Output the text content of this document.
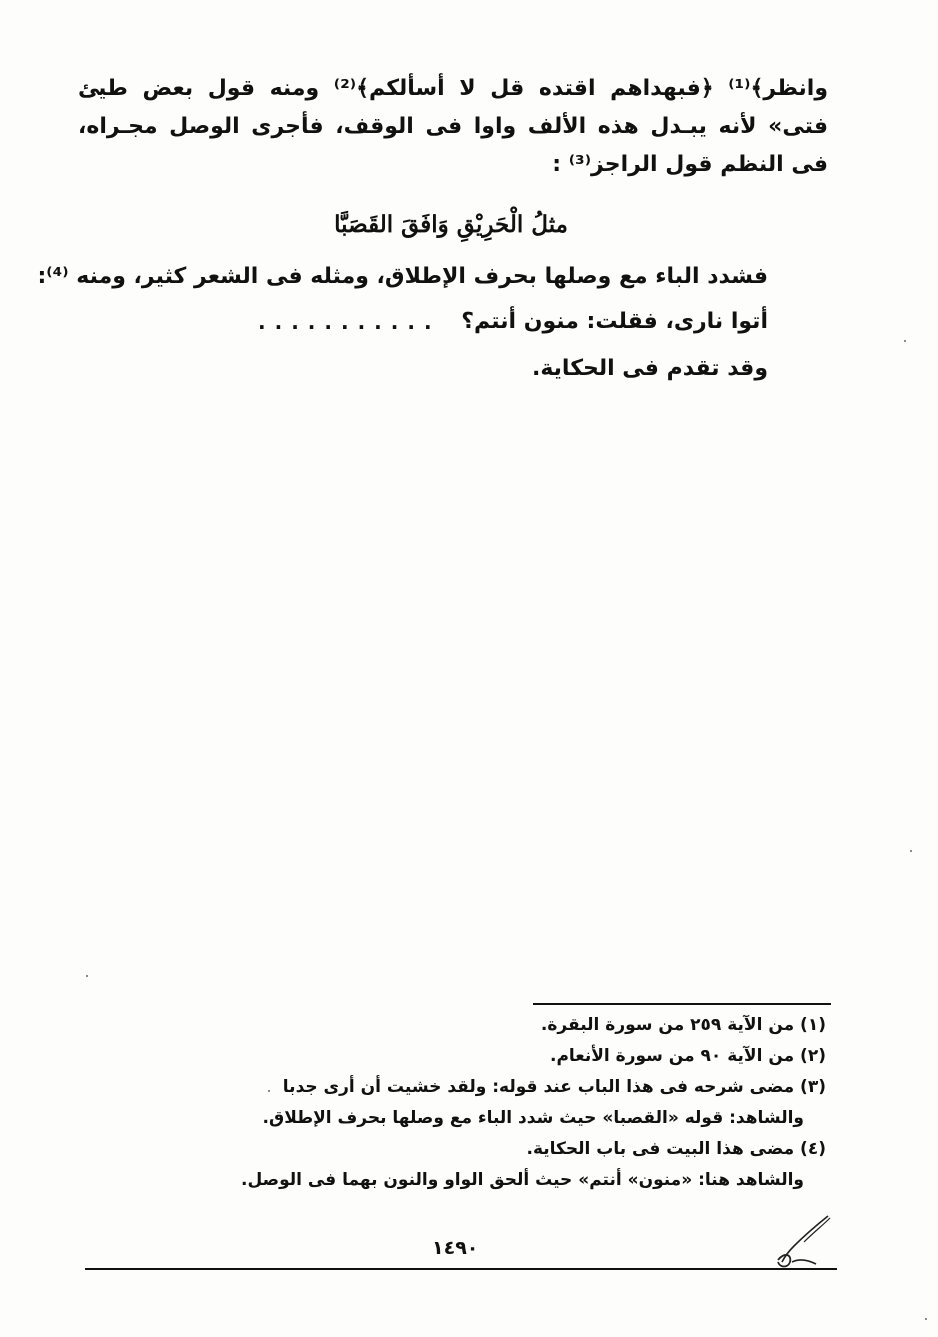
وانظر﴾⁽¹⁾ ﴿فبهداهم اقتده قل لا أسألكم﴾⁽²⁾ ومنه قول بعض طيئ
فتى» لأنه يبـدل هذه الألف واوا فى الوقف، فأجرى الوصل مجـراه،
فى النظم قول الراجز⁽³⁾ :
مثلُ الْحَرِيْقِ وَافَقَ القَصَبَّا
فشدد الباء مع وصلها بحرف الإطلاق، ومثله فى الشعر كثير، ومنه ⁽⁴⁾:
أتوا نارى، فقلت: منون أنتم؟
...........
وقد تقدم فى الحكاية.
(١) من الآية ٢٥٩ من سورة البقرة.
(٢) من الآية ٩٠ من سورة الأنعام.
(٣) مضى شرحه فى هذا الباب عند قوله: ولقد خشيت أن أرى جدبا
والشاهد: قوله «القصبا» حيث شدد الباء مع وصلها بحرف الإطلاق.
(٤) مضى هذا البيت فى باب الحكاية.
والشاهد هنا: «منون» أنتم» حيث ألحق الواو والنون بهما فى الوصل.
١٤٩٠
